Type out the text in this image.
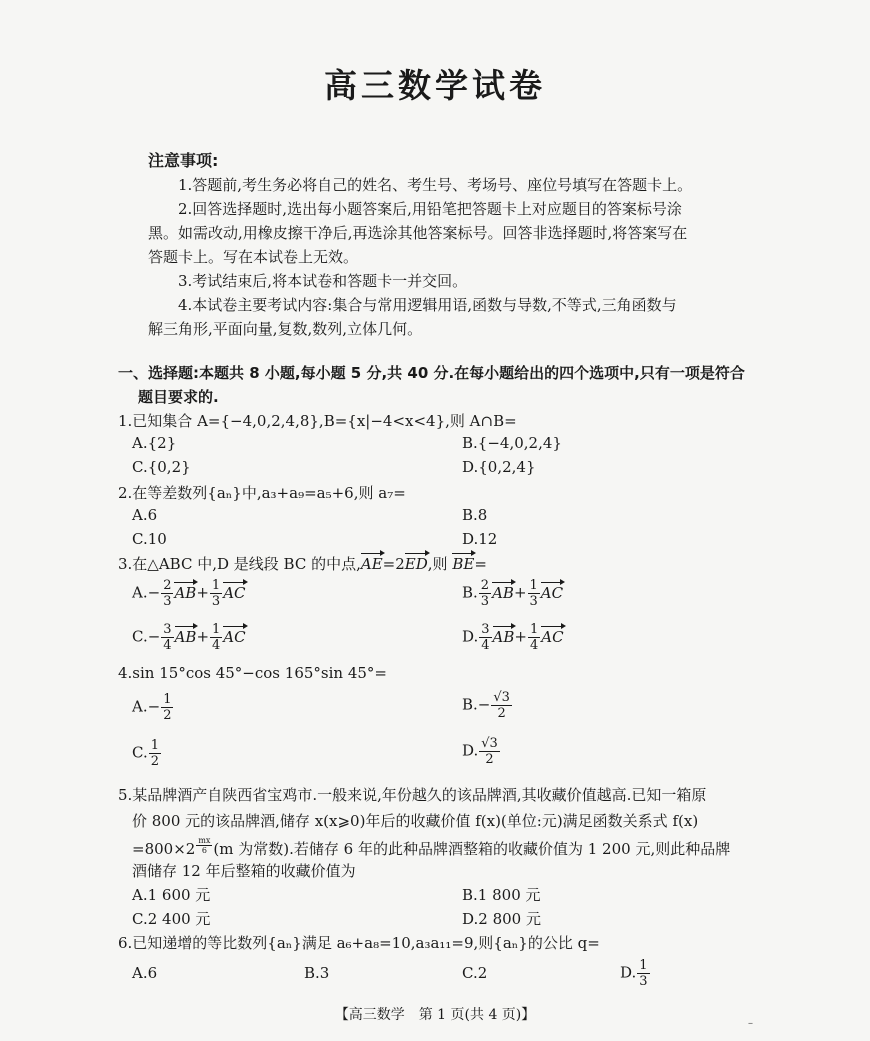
高三数学试卷
注意事项:
1.答题前,考生务必将自己的姓名、考生号、考场号、座位号填写在答题卡上。
2.回答选择题时,选出每小题答案后,用铅笔把答题卡上对应题目的答案标号涂
黑。如需改动,用橡皮擦干净后,再选涂其他答案标号。回答非选择题时,将答案写在
答题卡上。写在本试卷上无效。
3.考试结束后,将本试卷和答题卡一并交回。
4.本试卷主要考试内容:集合与常用逻辑用语,函数与导数,不等式,三角函数与
解三角形,平面向量,复数,数列,立体几何。
一、选择题:本题共 8 小题,每小题 5 分,共 40 分.在每小题给出的四个选项中,只有一项是符合
题目要求的.
1.已知集合 A={−4,0,2,4,8},B={x|−4<x<4},则 A∩B=
A.{2}	B.{−4,0,2,4}
C.{0,2}	D.{0,2,4}
2.在等差数列{aₙ}中,a₃+a₉=a₅+6,则 a₇=
A.6	B.8
C.10	D.12
3.在△ABC 中,D 是线段 BC 的中点,AE=2ED,则 BE=
$A.- \frac{2}{3} AB+ \frac{1}{3}$ AC	B. $\frac{2}{3} AB+ \frac{1}{3}$ AC
$C.- \frac{3}{4} AB+ \frac{1}{4}$ AC	D. $\frac{3}{4} AB+ \frac{1}{4}$ AC
4.sin 15°cos 45°−cos 165°sin 45°=
$A.- \frac{1}{2}$	$B.- \frac{√3}{2}$
C. $\frac{1}{2}$	D. $\frac{√3}{2}$
5.某品牌酒产自陕西省宝鸡市.一般来说,年份越久的该品牌酒,其收藏价值越高.已知一箱原
价 800 元的该品牌酒,储存 x(x⩾0)年后的收藏价值 f(x)(单位:元)满足函数关系式 f(x)
=800×2 $^{\frac{mx}{6}}$ (m 为常数).若储存 6 年的此种品牌酒整箱的收藏价值为 1 200 元,则此种品牌
酒储存 12 年后整箱的收藏价值为
A.1 600 元	B.1 800 元
C.2 400 元	D.2 800 元
6.已知递增的等比数列{aₙ}满足 a₆+a₈=10,a₃a₁₁=9,则{aₙ}的公比 q=
A.6	B.3	C.2	D. $\frac{1}{3}$
【高三数学　第 1 页(共 4 页)】
–
